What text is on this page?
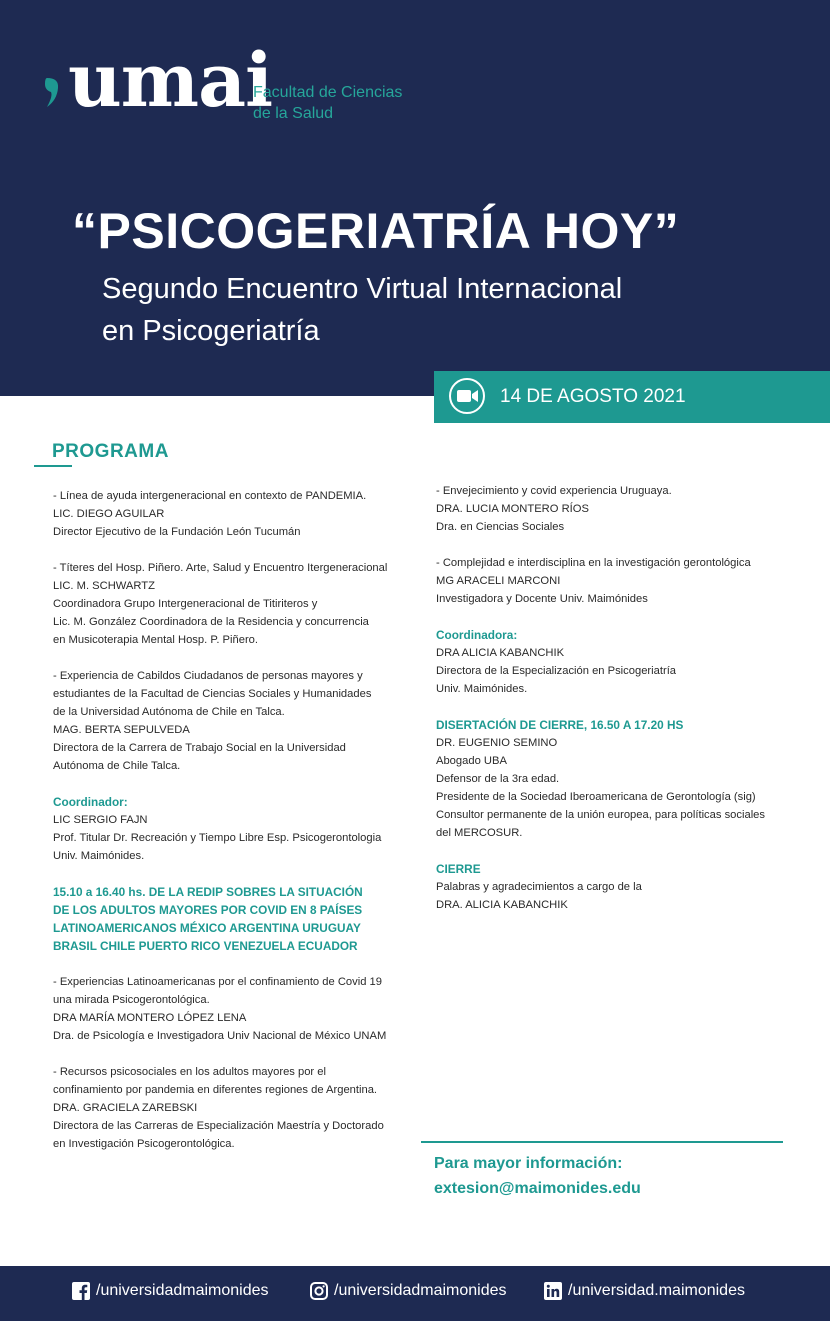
umai
Facultad de Ciencias
de la Salud
“PSICOGERIATRÍA HOY”
Segundo Encuentro Virtual Internacional
en Psicogeriatría
14 DE AGOSTO 2021
PROGRAMA
- Línea de ayuda intergeneracional en contexto de PANDEMIA.
LIC. DIEGO AGUILAR
Director Ejecutivo de la Fundación León Tucumán
- Títeres del Hosp. Piñero. Arte, Salud y Encuentro Itergeneracional
LIC. M. SCHWARTZ
Coordinadora Grupo Intergeneracional de Titiriteros y
Lic. M. González Coordinadora de la Residencia y concurrencia
en Musicoterapia Mental Hosp. P. Piñero.
- Experiencia de Cabildos Ciudadanos de personas mayores y
estudiantes de la Facultad de Ciencias Sociales y Humanidades
de la Universidad Autónoma de Chile en Talca.
MAG. BERTA SEPULVEDA
Directora de la Carrera de Trabajo Social en la Universidad
Autónoma de Chile Talca.
Coordinador:
LIC SERGIO FAJN
Prof. Titular Dr. Recreación y Tiempo Libre Esp. Psicogerontologia
Univ. Maimónides.
15.10 a 16.40 hs. DE LA REDIP SOBRES LA SITUACIÓN
DE LOS ADULTOS MAYORES POR COVID EN 8 PAÍSES
LATINOAMERICANOS MÉXICO ARGENTINA URUGUAY
BRASIL CHILE PUERTO RICO VENEZUELA ECUADOR
- Experiencias Latinoamericanas por el confinamiento de Covid 19
una mirada Psicogerontológica.
DRA MARÍA MONTERO LÓPEZ LENA
Dra. de Psicología e Investigadora Univ Nacional de México UNAM
- Recursos psicosociales en los adultos mayores por el
confinamiento por pandemia en diferentes regiones de Argentina.
DRA. GRACIELA ZAREBSKI
Directora de las Carreras de Especialización Maestría y Doctorado
en Investigación Psicogerontológica.
- Envejecimiento y covid experiencia Uruguaya.
DRA. LUCIA MONTERO RÍOS
Dra. en Ciencias Sociales
- Complejidad e interdisciplina en la investigación gerontológica
MG ARACELI MARCONI
Investigadora y Docente Univ. Maimónides
Coordinadora:
DRA ALICIA KABANCHIK
Directora de la Especialización en Psicogeriatría
Univ. Maimónides.
DISERTACIÓN DE CIERRE, 16.50 A 17.20 HS
DR. EUGENIO SEMINO
Abogado UBA
Defensor de la 3ra edad.
Presidente de la Sociedad Iberoamericana de Gerontología (sig)
Consultor permanente de la unión europea, para políticas sociales
del MERCOSUR.
CIERRE
Palabras y agradecimientos a cargo de la
DRA. ALICIA KABANCHIK
Para mayor información:
extesion@maimonides.edu
/universidadmaimonides	/universidadmaimonides	/universidad.maimonides
